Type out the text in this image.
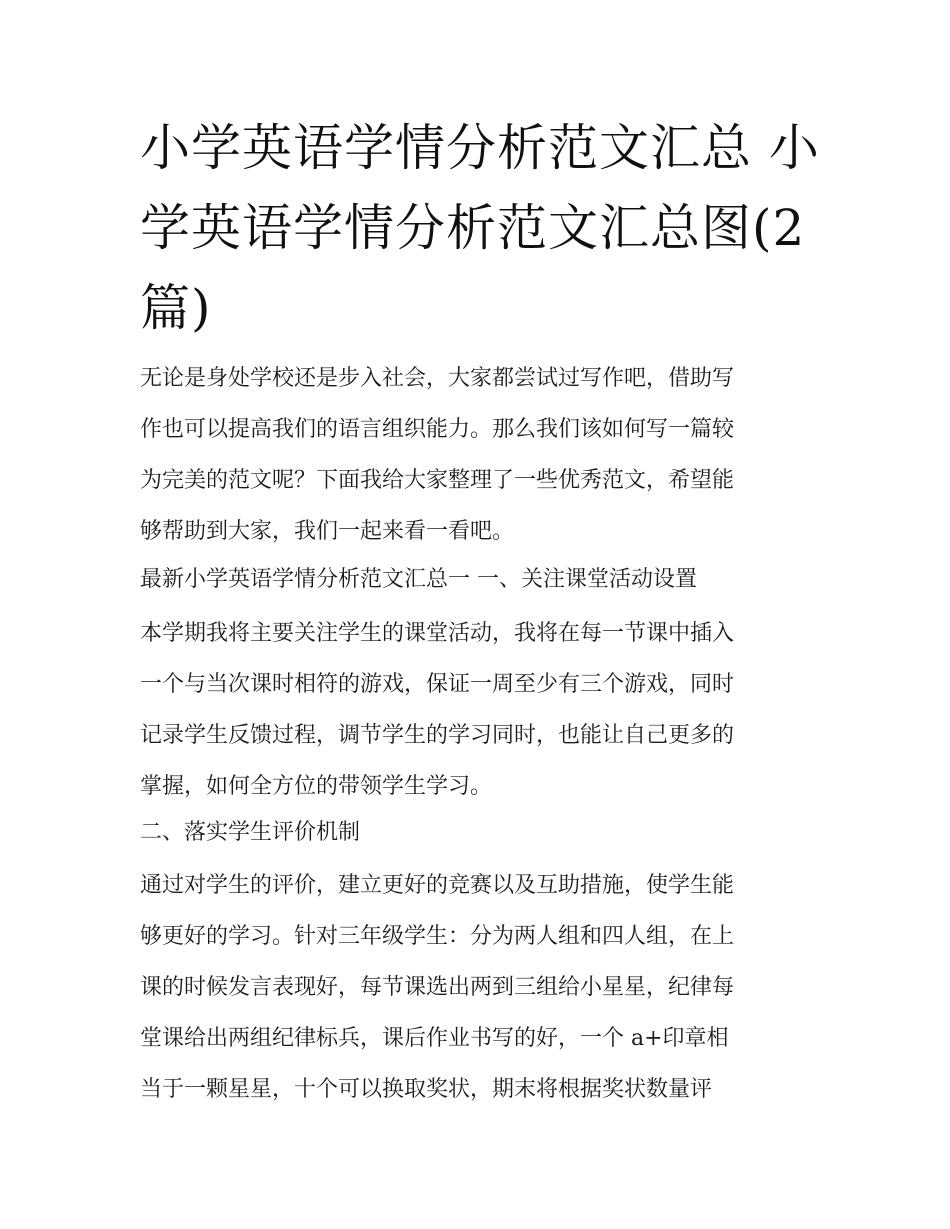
小学英语学情分析范文汇总 小
学英语学情分析范文汇总图(2
篇)
无论是身处学校还是步入社会，大家都尝试过写作吧，借助写
作也可以提高我们的语言组织能力。那么我们该如何写一篇较
为完美的范文呢？下面我给大家整理了一些优秀范文，希望能
够帮助到大家，我们一起来看一看吧。
最新小学英语学情分析范文汇总一 一、关注课堂活动设置
本学期我将主要关注学生的课堂活动，我将在每一节课中插入
一个与当次课时相符的游戏，保证一周至少有三个游戏，同时
记录学生反馈过程，调节学生的学习同时，也能让自己更多的
掌握，如何全方位的带领学生学习。
二、落实学生评价机制
通过对学生的评价，建立更好的竞赛以及互助措施，使学生能
够更好的学习。针对三年级学生：分为两人组和四人组，在上
课的时候发言表现好，每节课选出两到三组给小星星，纪律每
堂课给出两组纪律标兵，课后作业书写的好，一个 a+印章相
当于一颗星星，十个可以换取奖状，期末将根据奖状数量评
